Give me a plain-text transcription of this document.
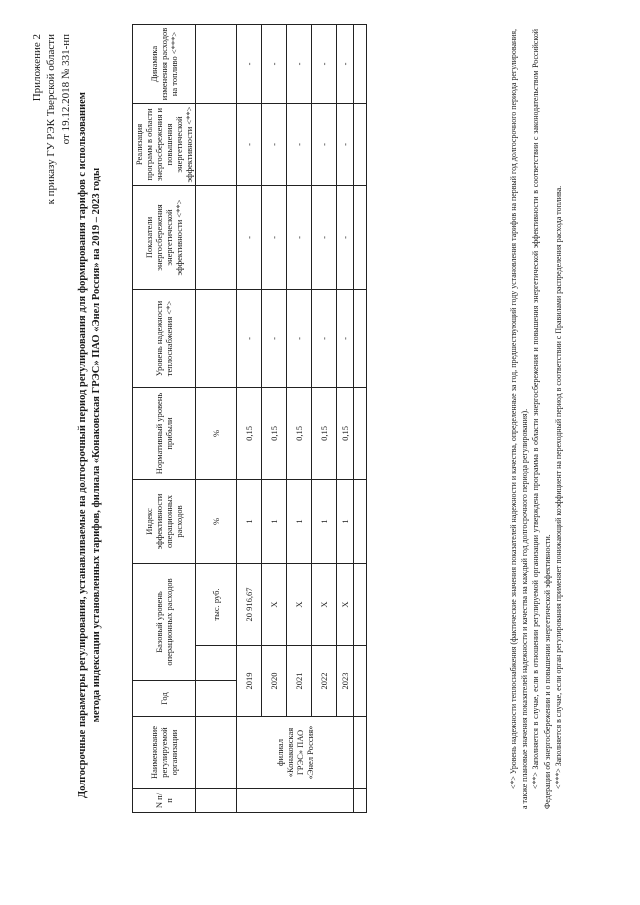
Приложение 2 к приказу ГУ РЭК Тверской области от 19.12.2018 № 331-нп
Долгосрочные параметры регулирования, устанавливаемые на долгосрочный период регулирования для формирования тарифов с использованием метода индексации установленных тарифов, филиала «Конаковская ГРЭС» ПАО «Энел Россия» на 2019 – 2023 годы
N п/п	Наименование регулируемой организации	Год	Базовый уровень операционных расходов		Индекс эффективности операционных расходов	Нормативный уровень прибыли	Уровень надежности теплоснабжения <*>	Показатели энергосбережения энергетической эффективности <**>	Реализация программ в области энергосбережения и повышения энергетической эффективности <**>	Динамика изменения расходов на топливо <***>
				тыс. руб.	%	%				
	филиал «Конаковская ГРЭС» ПАО «Энел Россия»	2019		20 916,67	1	0,15	-	-	-	-
		2020		Х	1	0,15	-	-	-	-
		2021		Х	1	0,15	-	-	-	-
		2022		Х	1	0,15	-	-	-	-
		2023		Х	1	0,15	-	-	-	-
										<*> Уровень надежности теплоснабжения (фактические значения показателей надежности и качества, определенные за год, предшествующий году установления тарифов на первый год долгосрочного периода регулирования, а также плановые значения показателей надежности и качества на каждый год долгосрочного периода регулирования). <**> Заполняется в случае, если в отношении регулируемой организации утверждена программа в области энергосбережения и повышения энергетической эффективности в соответствии с законодательством Российской Федерации об энергосбережении и о повышении энергетической эффективности. <***> Заполняется в случае, если орган регулирования применяет понижающий коэффициент на переходный период в соответствии с Правилами распределения расхода топлива.
